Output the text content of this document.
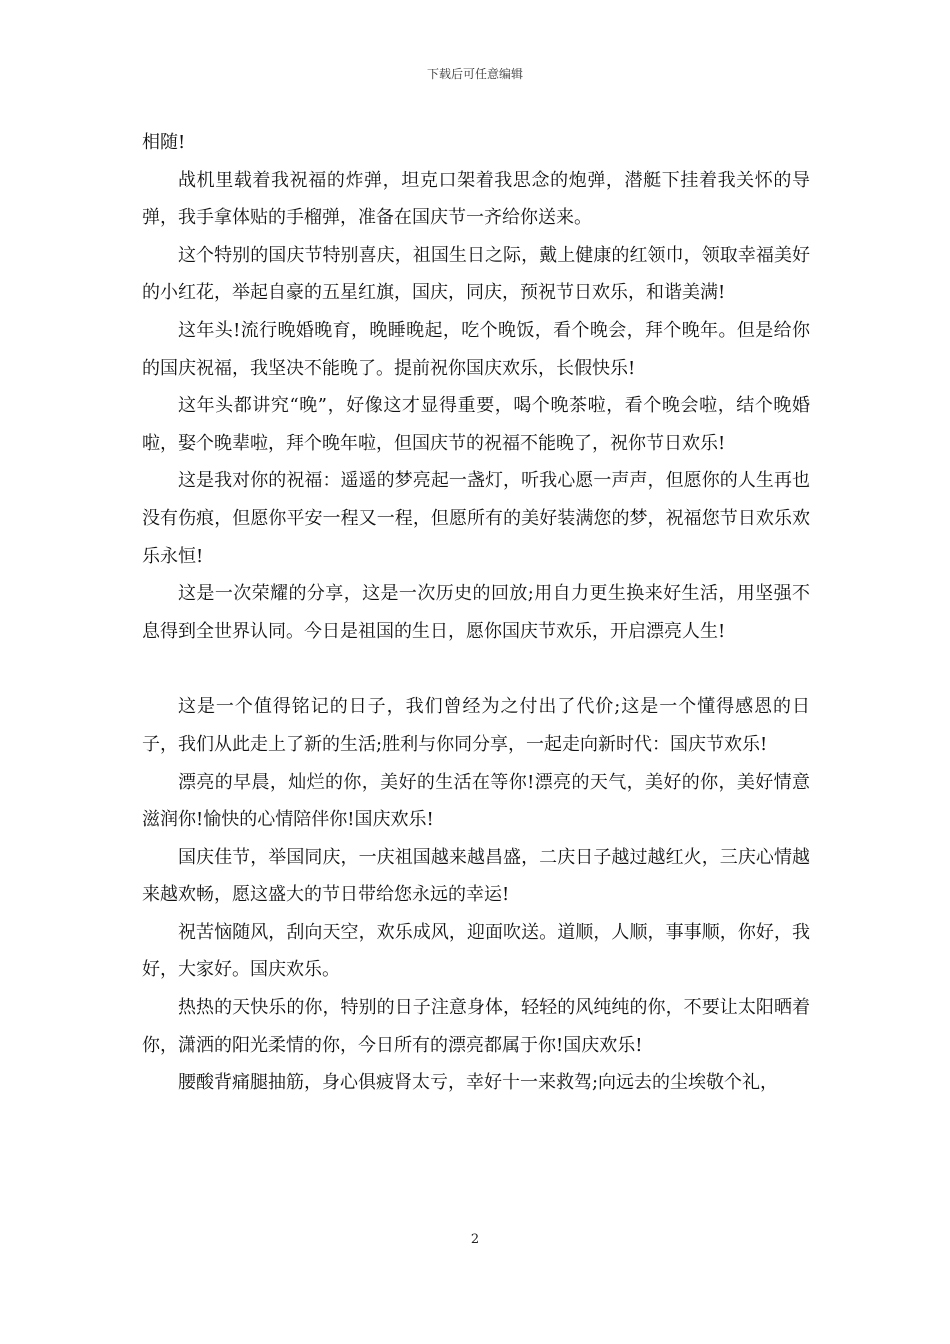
下载后可任意编辑

相随!

战机里载着我祝福的炸弹，坦克口架着我思念的炮弹，潜艇下挂着我关怀的导弹，我手拿体贴的手榴弹，准备在国庆节一齐给你送来。

这个特别的国庆节特别喜庆，祖国生日之际，戴上健康的红领巾，领取幸福美好的小红花，举起自豪的五星红旗，国庆，同庆，预祝节日欢乐，和谐美满!

这年头!流行晚婚晚育，晚睡晚起，吃个晚饭，看个晚会，拜个晚年。但是给你的国庆祝福，我坚决不能晚了。提前祝你国庆欢乐，长假快乐!

这年头都讲究“晚”，好像这才显得重要，喝个晚茶啦，看个晚会啦，结个晚婚啦，娶个晚辈啦，拜个晚年啦，但国庆节的祝福不能晚了，祝你节日欢乐!

这是我对你的祝福：遥遥的梦亮起一盏灯，听我心愿一声声，但愿你的人生再也没有伤痕，但愿你平安一程又一程，但愿所有的美好装满您的梦，祝福您节日欢乐欢乐永恒!

这是一次荣耀的分享，这是一次历史的回放;用自力更生换来好生活，用坚强不息得到全世界认同。今日是祖国的生日，愿你国庆节欢乐，开启漂亮人生!

这是一个值得铭记的日子，我们曾经为之付出了代价;这是一个懂得感恩的日子，我们从此走上了新的生活;胜利与你同分享，一起走向新时代：国庆节欢乐!

漂亮的早晨，灿烂的你，美好的生活在等你!漂亮的天气，美好的你，美好情意滋润你!愉快的心情陪伴你!国庆欢乐!

国庆佳节，举国同庆，一庆祖国越来越昌盛，二庆日子越过越红火，三庆心情越来越欢畅，愿这盛大的节日带给您永远的幸运!

祝苦恼随风，刮向天空，欢乐成风，迎面吹送。道顺，人顺，事事顺，你好，我好，大家好。国庆欢乐。

热热的天快乐的你，特别的日子注意身体，轻轻的风纯纯的你，不要让太阳晒着你，潇洒的阳光柔情的你，今日所有的漂亮都属于你!国庆欢乐!

腰酸背痛腿抽筋，身心俱疲肾太亏，幸好十一来救驾;向远去的尘埃敬个礼，

2
